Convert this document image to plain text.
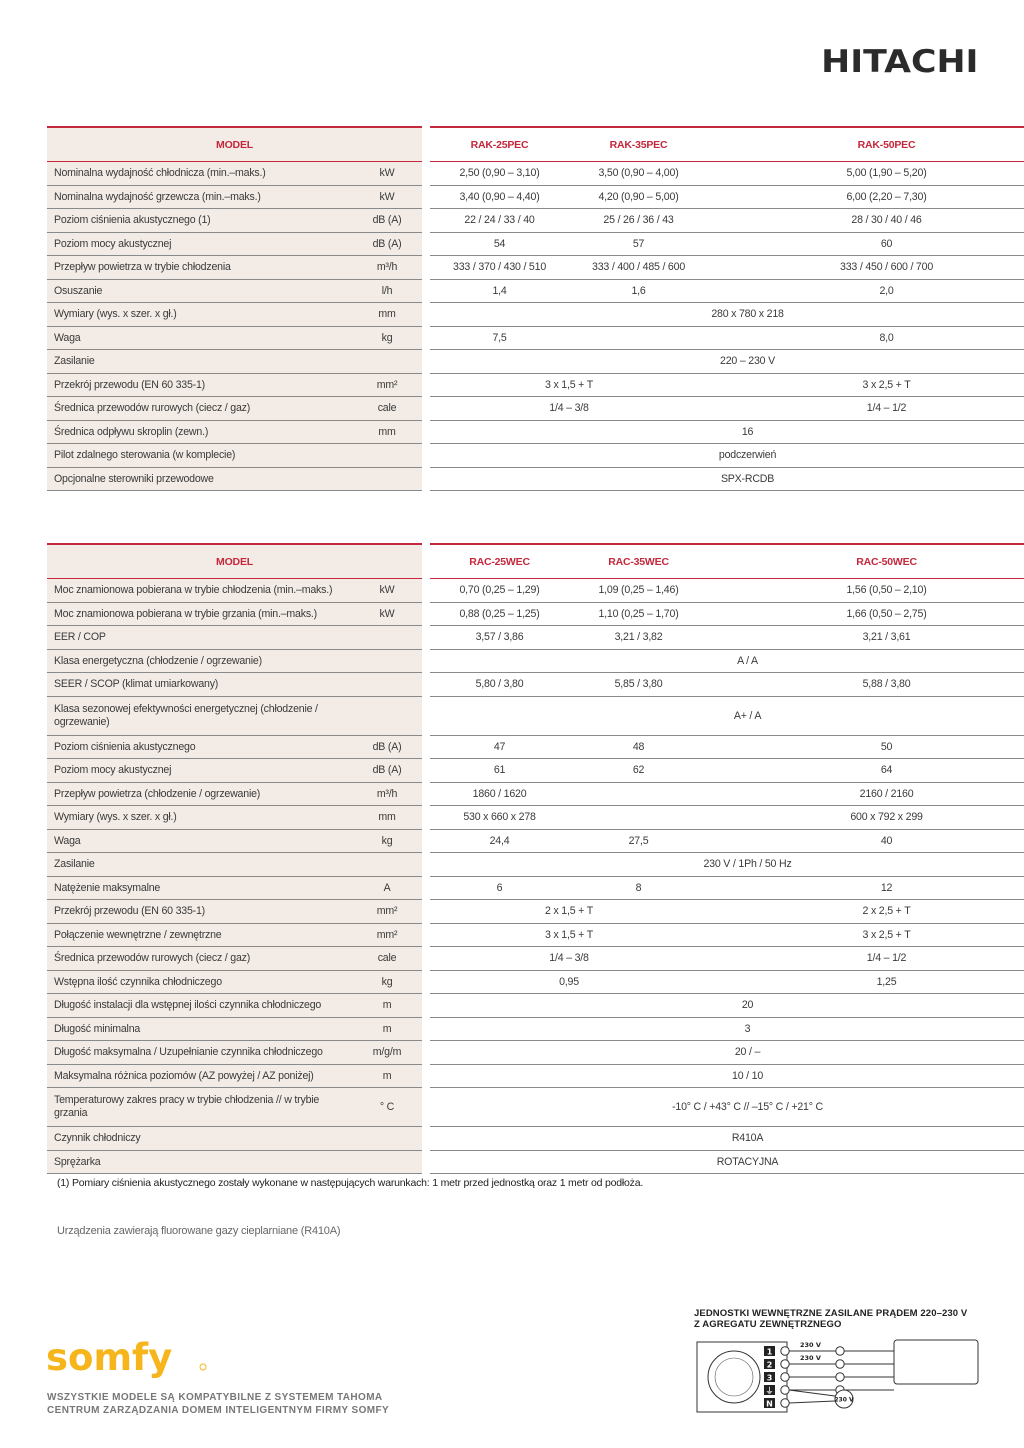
HITACHI
MODEL			RAK-25PEC	RAK-35PEC	RAK-50PEC
Nominalna wydajność chłodnicza (min.–maks.)	kW		2,50 (0,90 – 3,10)	3,50 (0,90 – 4,00)	5,00 (1,90 – 5,20)
Nominalna wydajność grzewcza (min.–maks.)	kW		3,40 (0,90 – 4,40)	4,20 (0,90 – 5,00)	6,00 (2,20 – 7,30)
Poziom ciśnienia akustycznego (1)	dB (A)		22 / 24 / 33 / 40	25 / 26 / 36 / 43	28 / 30 / 40 / 46
Poziom mocy akustycznej	dB (A)		54	57	60
Przepływ powietrza w trybie chłodzenia	m³/h		333 / 370 / 430 / 510	333 / 400 / 485 / 600	333 / 450 / 600 / 700
Osuszanie	l/h		1,4	1,6	2,0
Wymiary (wys. x szer. x gł.)	mm		280 x 780 x 218		
Waga	kg		7,5		8,0
Zasilanie			220 – 230 V		
Przekrój przewodu (EN 60 335-1)	mm²		3 x 1,5 + T		3 x 2,5 + T
Średnica przewodów rurowych (ciecz / gaz)	cale		1/4 – 3/8		1/4 – 1/2
Średnica odpływu skroplin (zewn.)	mm		16		
Pilot zdalnego sterowania (w komplecie)			podczerwień		
Opcjonalne sterowniki przewodowe			SPX-RCDB		
MODEL			RAC-25WEC	RAC-35WEC	RAC-50WEC
Moc znamionowa pobierana w trybie chłodzenia (min.–maks.)	kW		0,70 (0,25 – 1,29)	1,09 (0,25 – 1,46)	1,56 (0,50 – 2,10)
Moc znamionowa pobierana w trybie grzania (min.–maks.)	kW		0,88 (0,25 – 1,25)	1,10 (0,25 – 1,70)	1,66 (0,50 – 2,75)
EER / COP			3,57 / 3,86	3,21 / 3,82	3,21 / 3,61
Klasa energetyczna (chłodzenie / ogrzewanie)			A / A		
SEER / SCOP (klimat umiarkowany)			5,80 / 3,80	5,85 / 3,80	5,88 / 3,80
Klasa sezonowej efektywności energetycznej (chłodzenie / ogrzewanie)			A+ / A		
Poziom ciśnienia akustycznego	dB (A)		47	48	50
Poziom mocy akustycznej	dB (A)		61	62	64
Przepływ powietrza (chłodzenie / ogrzewanie)	m³/h		1860 / 1620		2160 / 2160
Wymiary (wys. x szer. x gł.)	mm		530 x 660 x 278		600 x 792 x 299
Waga	kg		24,4	27,5	40
Zasilanie			230 V / 1Ph / 50 Hz		
Natężenie maksymalne	A		6	8	12
Przekrój przewodu (EN 60 335-1)	mm²		2 x 1,5 + T		2 x 2,5 + T
Połączenie wewnętrzne / zewnętrzne	mm²		3 x 1,5 + T		3 x 2,5 + T
Średnica przewodów rurowych (ciecz / gaz)	cale		1/4 – 3/8		1/4 – 1/2
Wstępna ilość czynnika chłodniczego	kg		0,95		1,25
Długość instalacji dla wstępnej ilości czynnika chłodniczego	m		20		
Długość minimalna	m		3		
Długość maksymalna / Uzupełnianie czynnika chłodniczego	m/g/m		20 / –		
Maksymalna różnica poziomów (AZ powyżej / AZ poniżej)	m		10 / 10		
Temperaturowy zakres pracy w trybie chłodzenia // w trybie grzania	° C		-10° C / +43° C // –15° C / +21° C		
Czynnik chłodniczy			R410A		
Sprężarka			ROTACYJNA		
(1) Pomiary ciśnienia akustycznego zostały wykonane w następujących warunkach: 1 metr przed jednostką oraz 1 metr od podłoża.
Urządzenia zawierają fluorowane gazy cieplarniane (R410A)
somfy
WSZYSTKIE MODELE SĄ KOMPATYBILNE Z SYSTEMEM TAHOMA
CENTRUM ZARZĄDZANIA DOMEM INTELIGENTNYM FIRMY SOMFY
JEDNOSTKI WEWNĘTRZNE ZASILANE PRĄDEM 220–230 V
Z AGREGATU ZEWNĘTRZNEGO
1
2
3
⏚
N
230 V
230 V
230 V
